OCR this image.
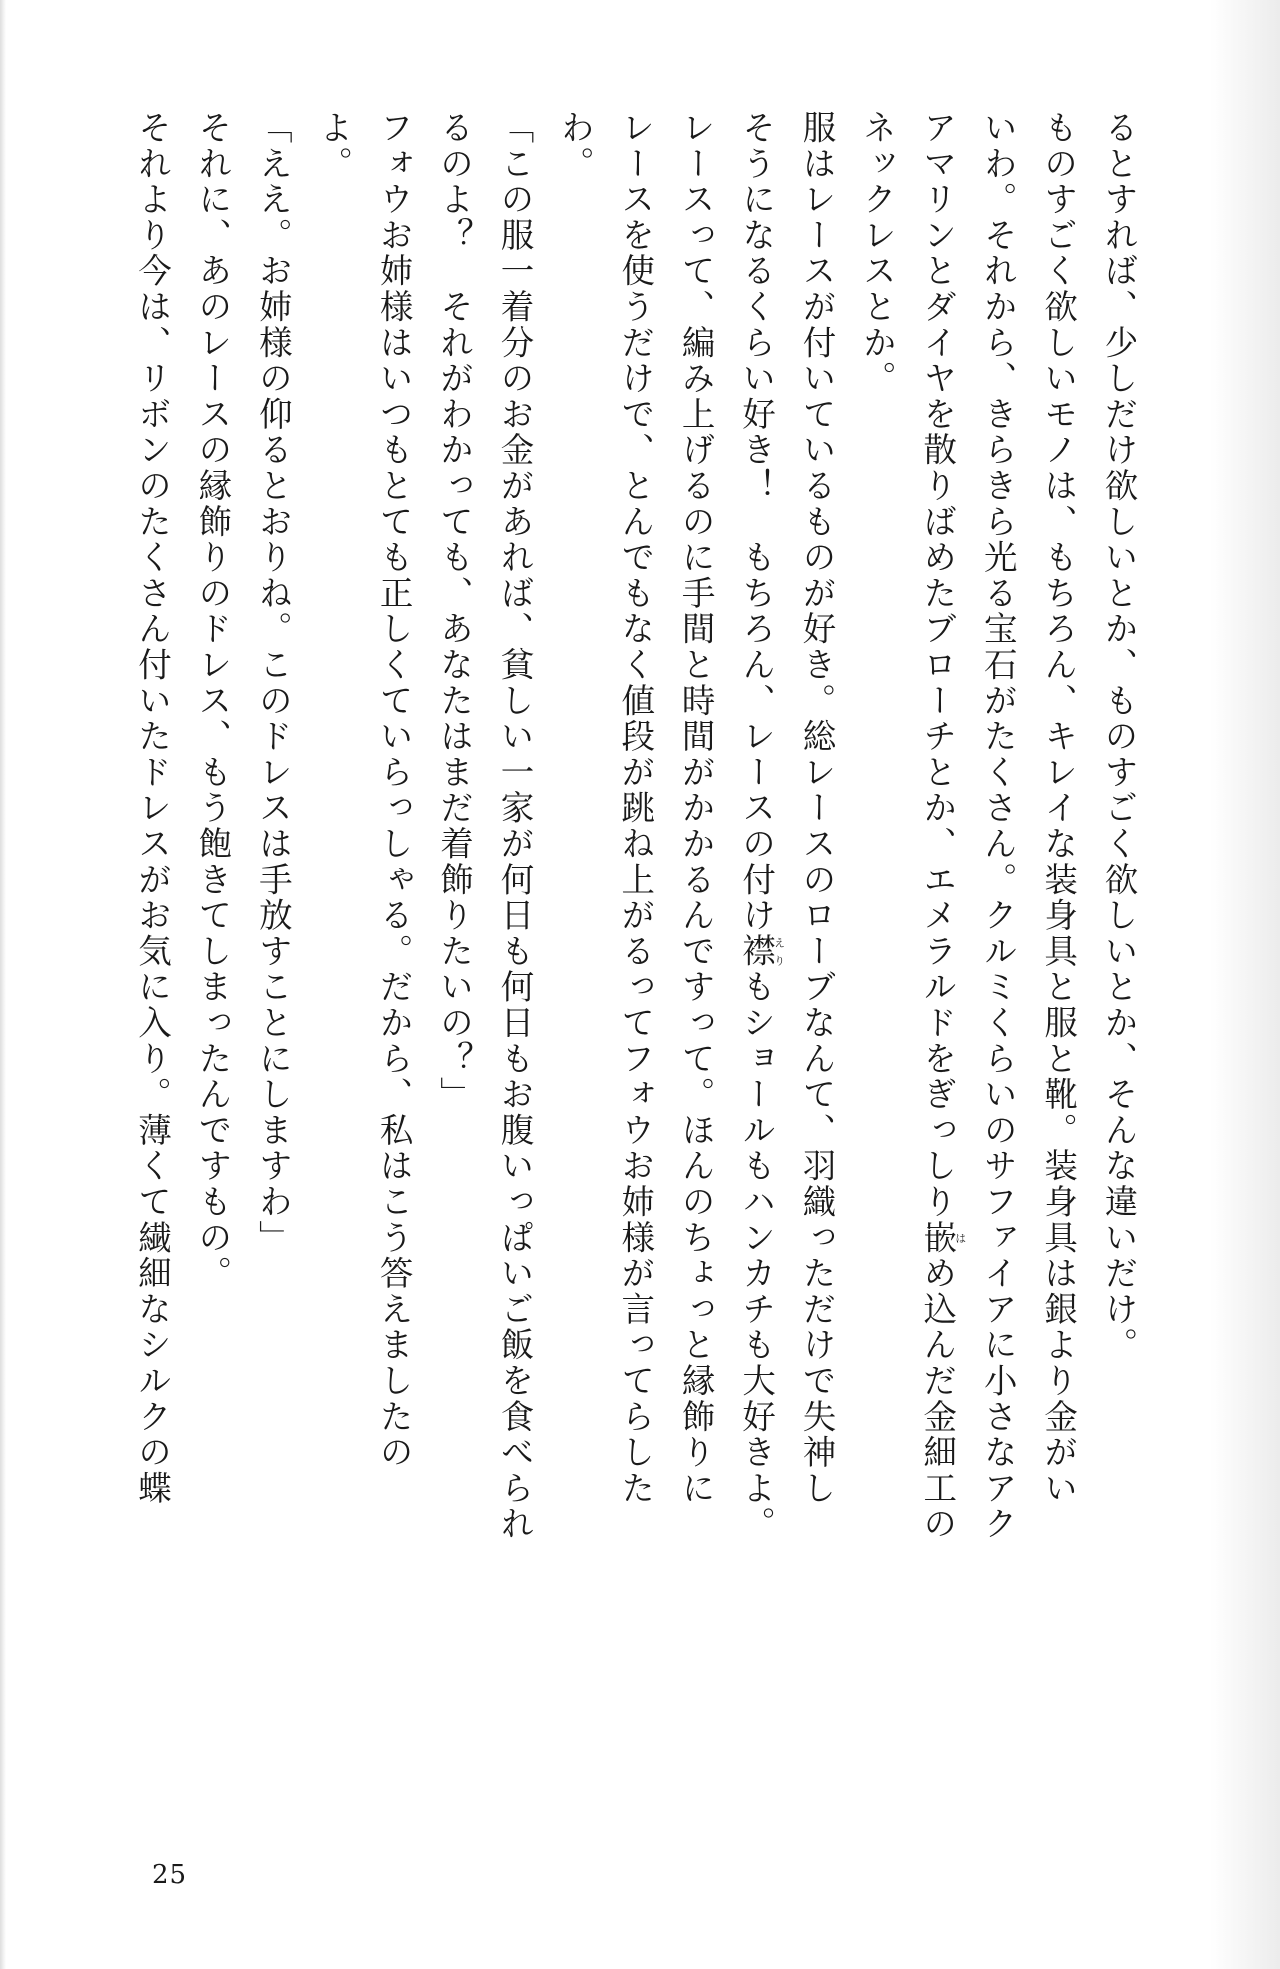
るとすれば、少しだけ欲しいとか、ものすごく欲しいとか、そんな違いだけ。
ものすごく欲しいモノは、もちろん、キレイな装身具と服と靴。装身具は銀より金がい
いわ。それから、きらきら光る宝石がたくさん。クルミくらいのサファイアに小さなアク
アマリンとダイヤを散りばめたブローチとか、エメラルドをぎっしり嵌はめ込んだ金細工の
ネックレスとか。
服はレースが付いているものが好き。総レースのローブなんて、羽織っただけで失神し
そうになるくらい好き！　もちろん、レースの付け襟えりもショールもハンカチも大好きよ。
レースって、編み上げるのに手間と時間がかかるんですって。ほんのちょっと縁飾りに
レースを使うだけで、とんでもなく値段が跳ね上がるってフォウお姉様が言ってらした
わ。
「この服一着分のお金があれば、貧しい一家が何日も何日もお腹いっぱいご飯を食べられ
るのよ？　それがわかっても、あなたはまだ着飾りたいの？」
フォウお姉様はいつもとても正しくていらっしゃる。だから、私はこう答えましたの
よ。
「ええ。お姉様の仰るとおりね。このドレスは手放すことにしますわ」
それに、あのレースの縁飾りのドレス、もう飽きてしまったんですもの。
それより今は、リボンのたくさん付いたドレスがお気に入り。薄くて繊細なシルクの蝶
25
